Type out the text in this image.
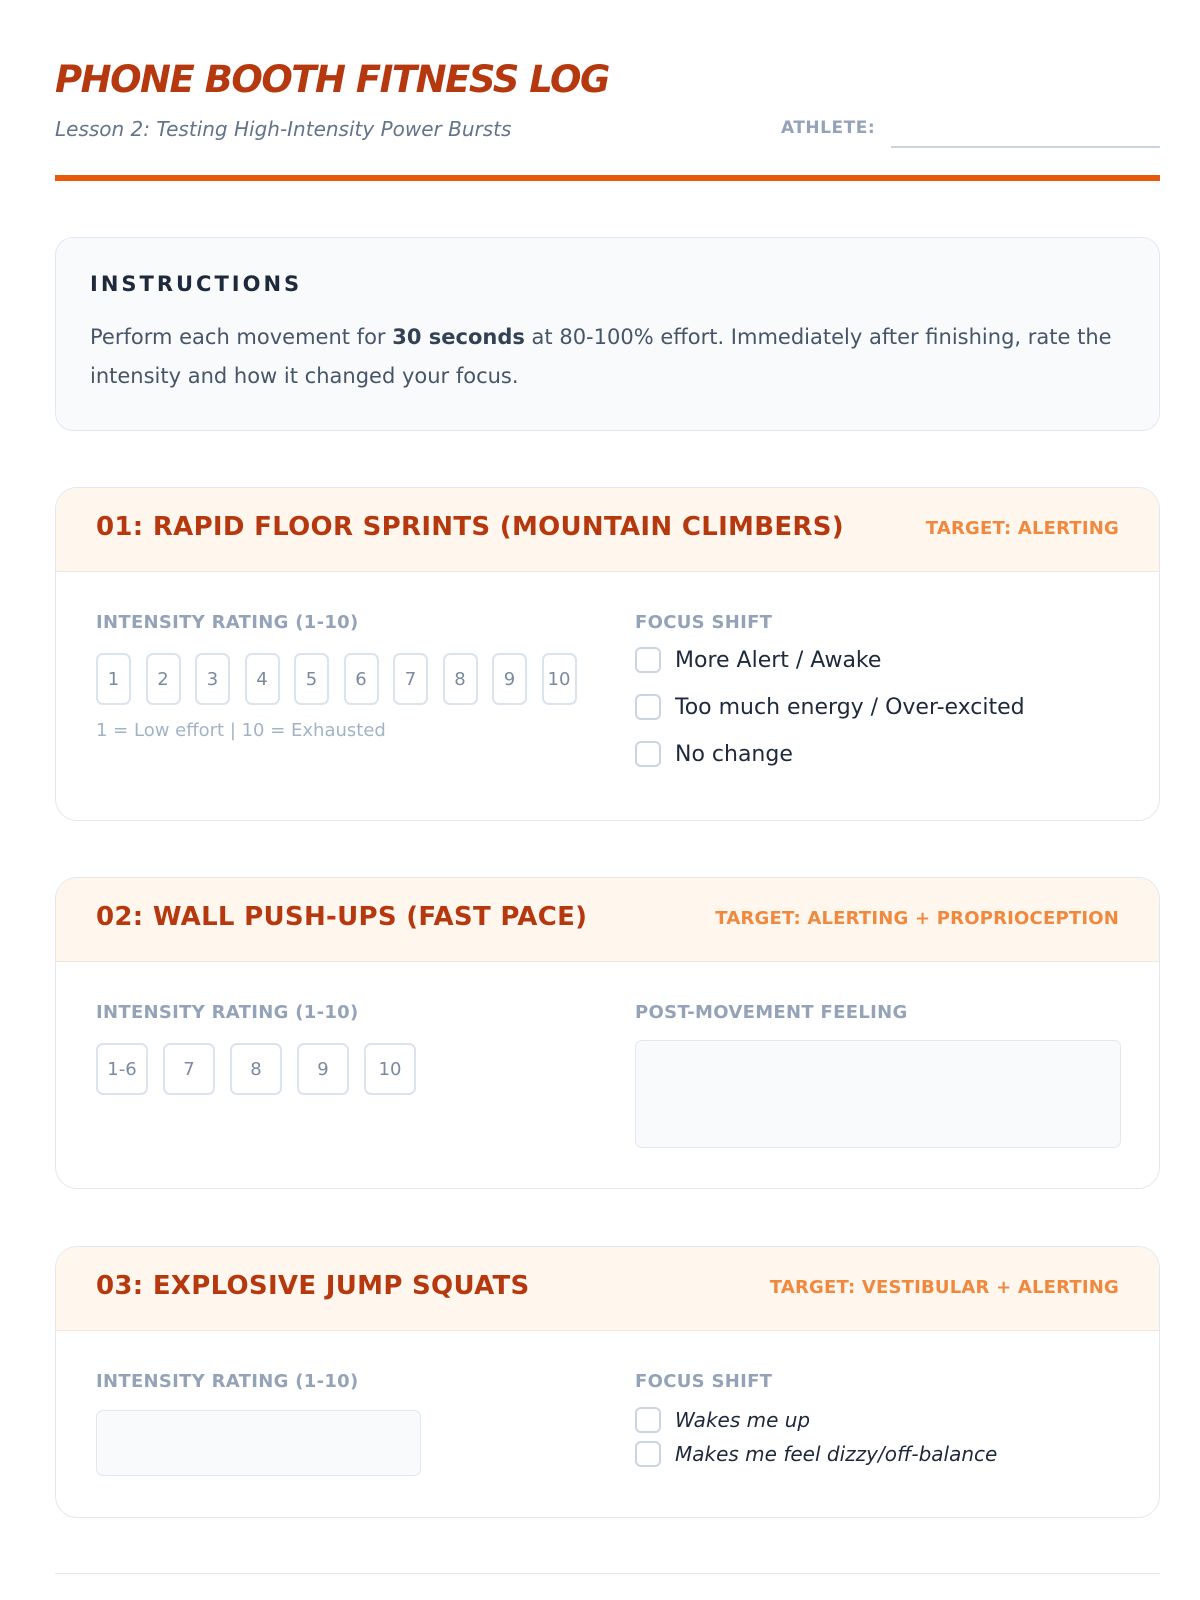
PHONE BOOTH FITNESS LOG
Lesson 2: Testing High-Intensity Power Bursts	ATHLETE:
INSTRUCTIONS
Perform each movement for 30 seconds at 80-100% effort. Immediately after finishing, rate the intensity and how it changed your focus.
01: RAPID FLOOR SPRINTS (MOUNTAIN CLIMBERS)	TARGET: ALERTING
INTENSITY RATING (1-10)
1	2	3	4	5	6	7	8	9	10
1 = Low effort | 10 = Exhausted
FOCUS SHIFT
More Alert / Awake
Too much energy / Over-excited
No change
02: WALL PUSH-UPS (FAST PACE)	TARGET: ALERTING + PROPRIOCEPTION
INTENSITY RATING (1-10)
1-6	7	8	9	10
POST-MOVEMENT FEELING
03: EXPLOSIVE JUMP SQUATS	TARGET: VESTIBULAR + ALERTING
INTENSITY RATING (1-10)	FOCUS SHIFT
Wakes me up
Makes me feel dizzy/off-balance
